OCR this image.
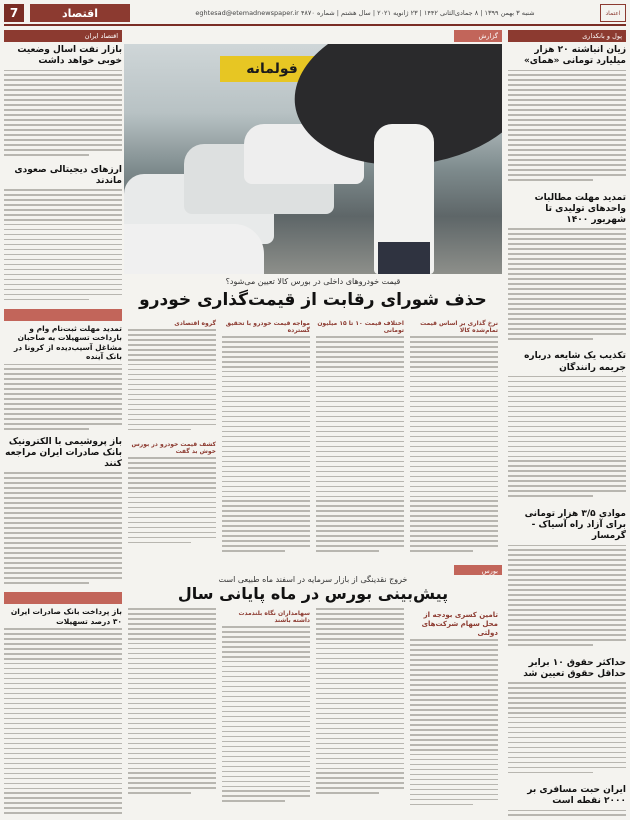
7	اقتصاد	eghtesad@etemadnewspaper.ir شنبه ۳ بهمن ۱۳۹۹ | ۸ جمادی‌الثانی ۱۴۴۲ | ۲۳ ژانویه ۲۰۲۱ | سال هشتم | شماره ۴۸۷۰	اعتماد
پول و بانکداری
زیان انباشته ۲۰ هزار میلیارد تومانی «همای»
تمدید مهلت مطالبات واحدهای تولیدی تا شهریور ۱۴۰۰
تکذیب یک شایعه درباره جریمه رانندگان
موادی ۳/۵ هزار تومانی برای آزاد راه آسیاک - گرمسار
حداکثر حقوق ۱۰ برابر حداقل حقوق تعیین شد
ایران حبت مسافری بر ۲۰۰۰ نقطه است
گزارش
فولمانه
قیمت خودروهای داخلی در بورس کالا تعیین می‌شود؟
حذف شورای رقابت از قیمت‌گذاری خودرو
نرخ گذاری بر اساس قیمت تمام‌شده کالا
اختلاف قیمت ۱۰ تا ۱۵ میلیون تومانی
مواجه قیمت خودرو با تحقیق گسترده
گروه اقتصادی
کشف قیمت خودرو در بورس خوش بد گفت
بورس
خروج نقدینگی از بازار سرمایه در اسفند ماه طبیعی است
پیش‌بینی بورس در ماه پایانی سال
تامین کسری بودجه از محل سهام شرکت‌های دولتی
سهامداران نگاه بلندمدت داشته باشند
اقتصاد ایران
بازار نفت اسال وضعیت خوبی خواهد داشت
ارزهای دیجیتالی صعودی ماندند
تمدید مهلت ثبت‌نام وام و بارداخت تسهیلات به صاحبان مشاغل آسیب‌دیده از کرونا در بانک آینده
باز پروشیمی با الکترونیک بانک صادرات ایران مراجعه کنند
باز پرداخت بانک صادرات ایران ۳۰ درصد تسهیلات
